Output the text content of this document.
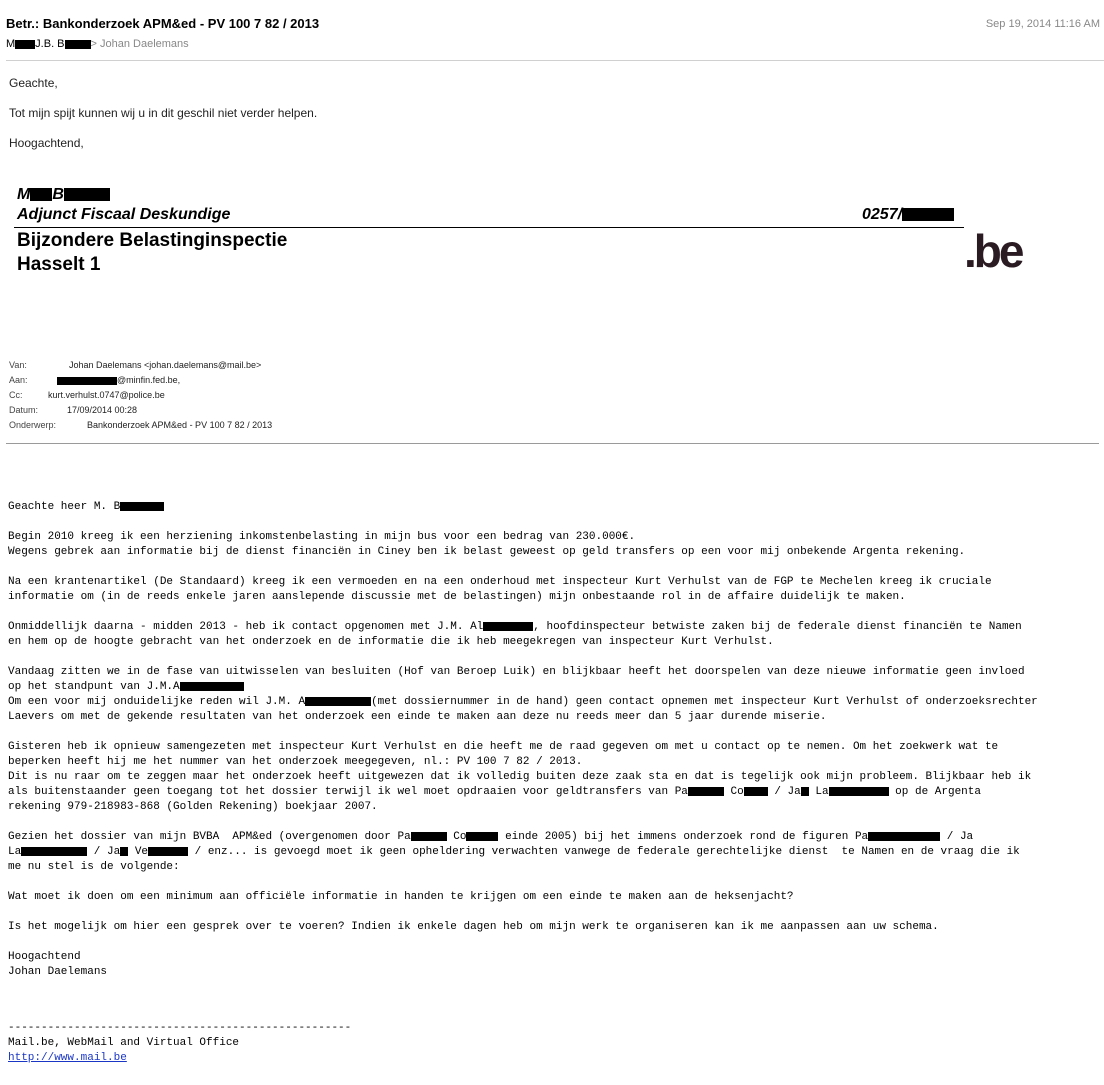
Betr.: Bankonderzoek APM&ed - PV 100 7 82 / 2013	Sep 19, 2014 11:16 AM
M J.B. B > Johan Daelemans
Geachte,
Tot mijn spijt kunnen wij u in dit geschil niet verder helpen.
Hoogachtend,
M B
Adjunct Fiscaal Deskundige	0257/
Bijzondere Belastinginspectie
Hasselt 1	.be
Van:	Johan Daelemans <johan.daelemans@mail.be>
Aan:	@minfin.fed.be,
Cc:	kurt.verhulst.0747@police.be
Datum:	17/09/2014 00:28
Onderwerp:	Bankonderzoek APM&ed - PV 100 7 82 / 2013
Geachte heer M. B

Begin 2010 kreeg ik een herziening inkomstenbelasting in mijn bus voor een bedrag van 230.000€.
Wegens gebrek aan informatie bij de dienst financiën in Ciney ben ik belast geweest op geld transfers op een voor mij onbekende Argenta rekening.

Na een krantenartikel (De Standaard) kreeg ik een vermoeden en na een onderhoud met inspecteur Kurt Verhulst van de FGP te Mechelen kreeg ik cruciale
informatie om (in de reeds enkele jaren aanslepende discussie met de belastingen) mijn onbestaande rol in de affaire duidelijk te maken.

Onmiddellijk daarna - midden 2013 - heb ik contact opgenomen met J.M. Al	, hoofdinspecteur betwiste zaken bij de federale dienst financiën te Namen
en hem op de hoogte gebracht van het onderzoek en de informatie die ik heb meegekregen van inspecteur Kurt Verhulst.

Vandaag zitten we in de fase van uitwisselen van besluiten (Hof van Beroep Luik) en blijkbaar heeft het doorspelen van deze nieuwe informatie geen invloed
op het standpunt van J.M.A
Om een voor mij onduidelijke reden wil J.M. A	(met dossiernummer in de hand) geen contact opnemen met inspecteur Kurt Verhulst of onderzoeksrechter
Laevers om met de gekende resultaten van het onderzoek een einde te maken aan deze nu reeds meer dan 5 jaar durende miserie.

Gisteren heb ik opnieuw samengezeten met inspecteur Kurt Verhulst en die heeft me de raad gegeven om met u contact op te nemen. Om het zoekwerk wat te
beperken heeft hij me het nummer van het onderzoek meegegeven, nl.: PV 100 7 82 / 2013.
Dit is nu raar om te zeggen maar het onderzoek heeft uitgewezen dat ik volledig buiten deze zaak sta en dat is tegelijk ook mijn probleem. Blijkbaar heb ik
als buitenstaander geen toegang tot het dossier terwijl ik wel moet opdraaien voor geldtransfers van Pa	Co / Ja La	op de Argenta
rekening 979-218983-868 (Golden Rekening) boekjaar 2007.

Gezien het dossier van mijn BVBA  APM&ed (overgenomen door Pa	Co	einde 2005) bij het immens onderzoek rond de figuren Pa	/ Ja
La	/ Ja Ve	/ enz... is gevoegd moet ik geen opheldering verwachten vanwege de federale gerechtelijke dienst  te Namen en de vraag die ik
me nu stel is de volgende:

Wat moet ik doen om een minimum aan officiële informatie in handen te krijgen om een einde te maken aan de heksenjacht?

Is het mogelijk om hier een gesprek over te voeren? Indien ik enkele dagen heb om mijn werk te organiseren kan ik me aanpassen aan uw schema.

Hoogachtend
Johan Daelemans
----------------------------------------------------
Mail.be, WebMail and Virtual Office
http://www.mail.be
